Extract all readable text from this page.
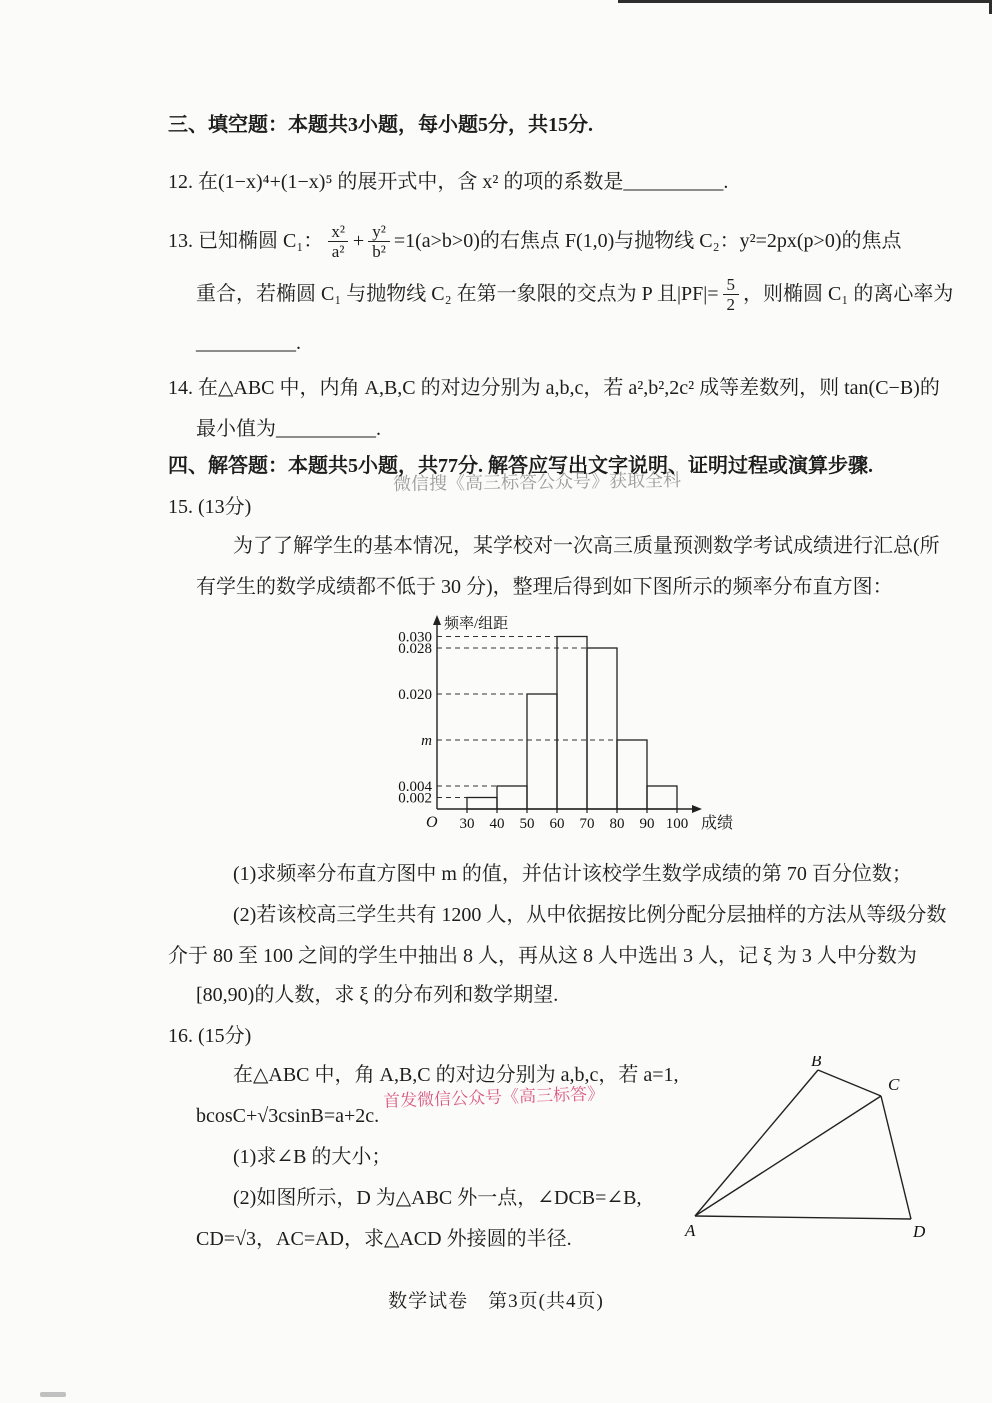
微信搜《高三标答公众号》获取全科
首发微信公众号《高三标答》
三、填空题：本题共3小题，每小题5分，共15分.
12. 在(1−x)⁴+(1−x)⁵ 的展开式中，含 x² 的项的系数是__________.
13. 已知椭圆 C₁： $\frac{\text{x²}}{\text{a²}} + \frac{\text{y²}}{\text{b²}} =1(a>b>0)$的右焦点 F(1,0)与抛物线 C₂：y²=2px(p>0)的焦点
重合，若椭圆 C₁ 与抛物线 C₂ 在第一象限的交点为 P 且$|PF|= \frac{5}{2}$ ，则椭圆 C₁ 的离心率为
__________.
14. 在△ABC 中，内角 A,B,C 的对边分别为 a,b,c，若 a²,b²,2c² 成等差数列，则 tan(C−B)的
最小值为__________.
四、解答题：本题共5小题，共77分. 解答应写出文字说明、证明过程或演算步骤.
15. (13分)
为了了解学生的基本情况，某学校对一次高三质量预测数学考试成绩进行汇总(所
有学生的数学成绩都不低于 30 分)，整理后得到如下图所示的频率分布直方图：
0.002
0.004
m
0.020
0.028
0.030
30 40 50 60 70 80 90 100
O
频率/组距
成绩
(1)求频率分布直方图中 m 的值，并估计该校学生数学成绩的第 70 百分位数；
(2)若该校高三学生共有 1200 人，从中依据按比例分配分层抽样的方法从等级分数
介于 80 至 100 之间的学生中抽出 8 人，再从这 8 人中选出 3 人，记 ξ 为 3 人中分数为
[80,90)的人数，求 ξ 的分布列和数学期望.
16. (15分)
在△ABC 中，角 A,B,C 的对边分别为 a,b,c，若 a=1,
bcosC+√3csinB=a+2c.
(1)求∠B 的大小；
(2)如图所示，D 为△ABC 外一点，∠DCB=∠B,
CD=√3，AC=AD，求△ACD 外接圆的半径.
B
C
A	D
数学试卷　第3页(共4页)
